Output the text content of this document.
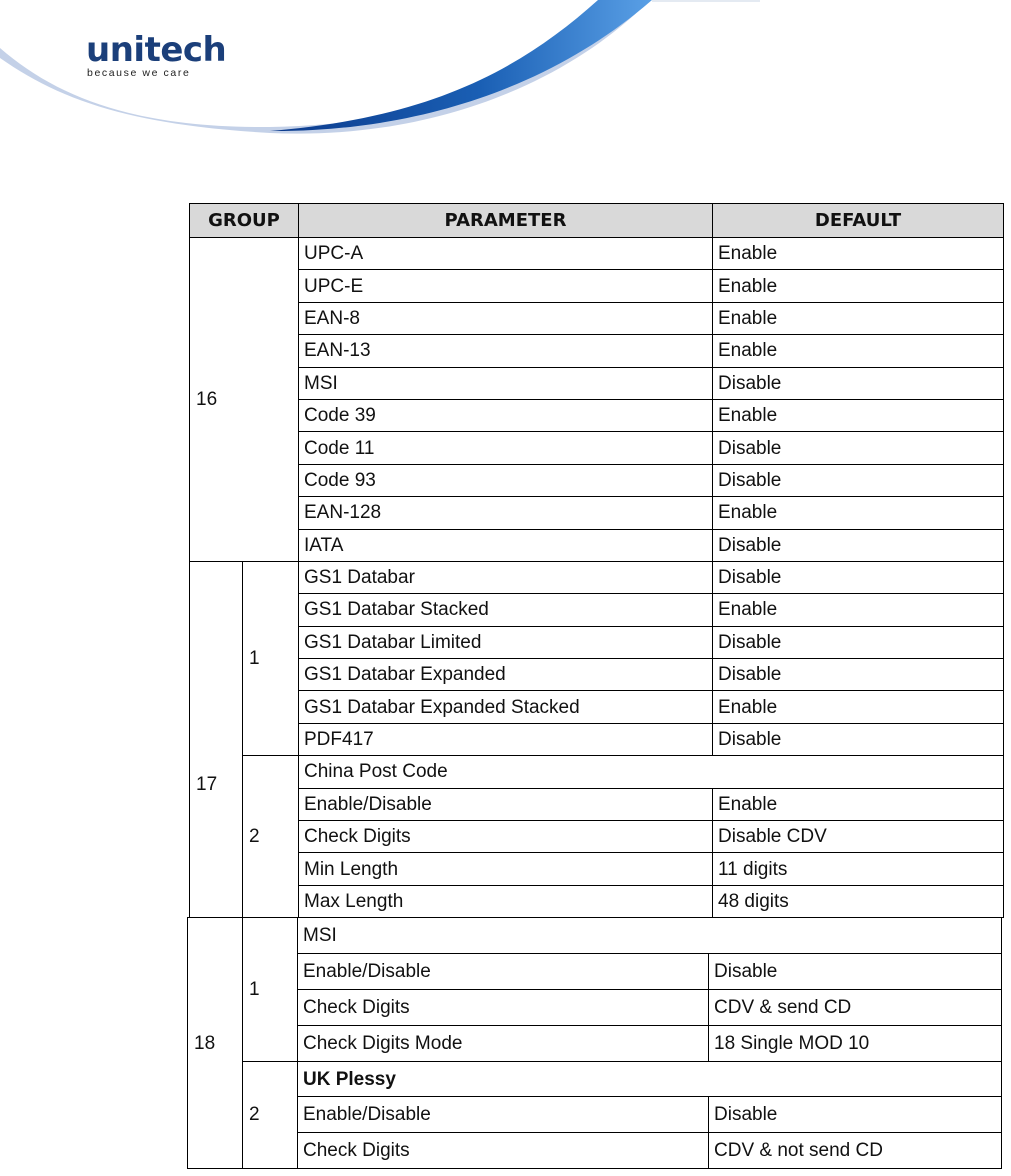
unitech
because we care
GROUP		PARAMETER	DEFAULT
16		UPC-A	Enable
		UPC-E	Enable
		EAN-8	Enable
		EAN-13	Enable
		MSI	Disable
		Code 39	Enable
		Code 11	Disable
		Code 93	Disable
		EAN-128	Enable
		IATA	Disable
17	1	GS1 Databar	Disable
		GS1 Databar Stacked	Enable
		GS1 Databar Limited	Disable
		GS1 Databar Expanded	Disable
		GS1 Databar Expanded Stacked	Enable
		PDF417	Disable
	2	China Post Code	
		Enable/Disable	Enable
		Check Digits	Disable CDV
		Min Length	11 digits
		Max Length	48 digits
18	1	MSI	
		Enable/Disable	Disable
		Check Digits	CDV & send CD
		Check Digits Mode	18 Single MOD 10
	2	UK Plessy	
		Enable/Disable	Disable
		Check Digits	CDV & not send CD
